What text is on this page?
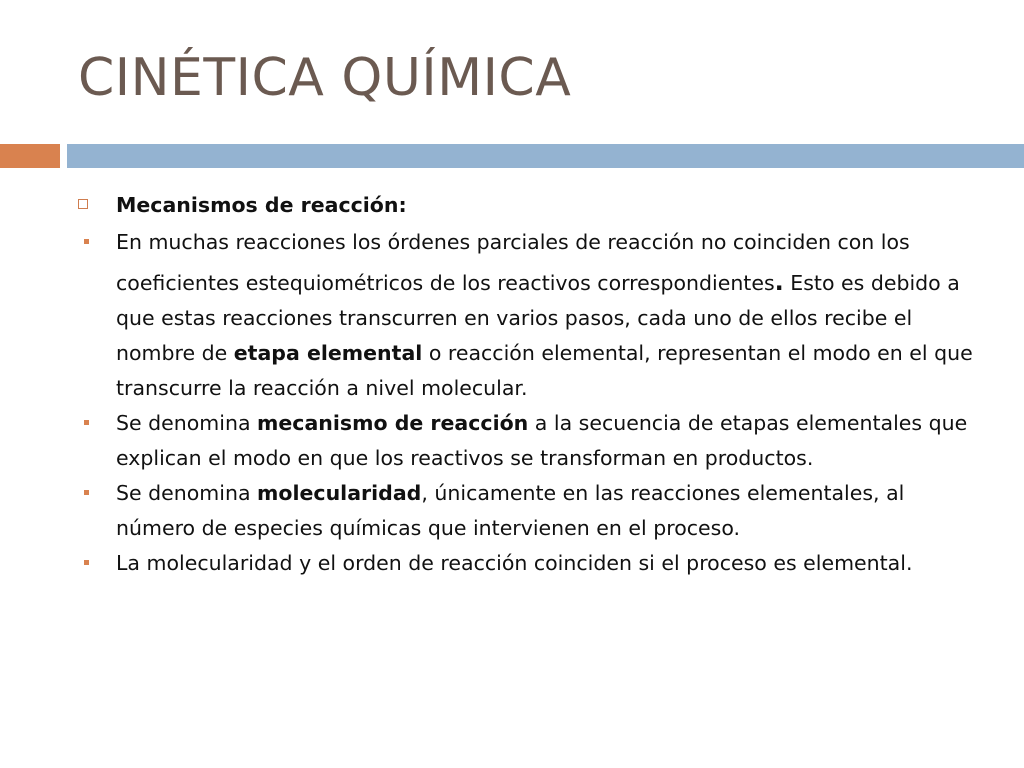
CINÉTICA QUÍMICA
Mecanismos de reacción:
En muchas reacciones los órdenes parciales de reacción no coinciden con los
coeficientes estequiométricos de los reactivos correspondientes. Esto es debido a que estas reacciones transcurren en varios pasos, cada uno de ellos recibe el nombre de etapa elemental o reacción elemental, representan el modo en el que transcurre la reacción a nivel molecular.
Se denomina mecanismo de reacción a la secuencia de etapas elementales que explican el modo en que los reactivos se transforman en productos.
Se denomina molecularidad, únicamente en las reacciones elementales, al número de especies químicas que intervienen en el proceso.
La molecularidad y el orden de reacción coinciden si el proceso es elemental.
